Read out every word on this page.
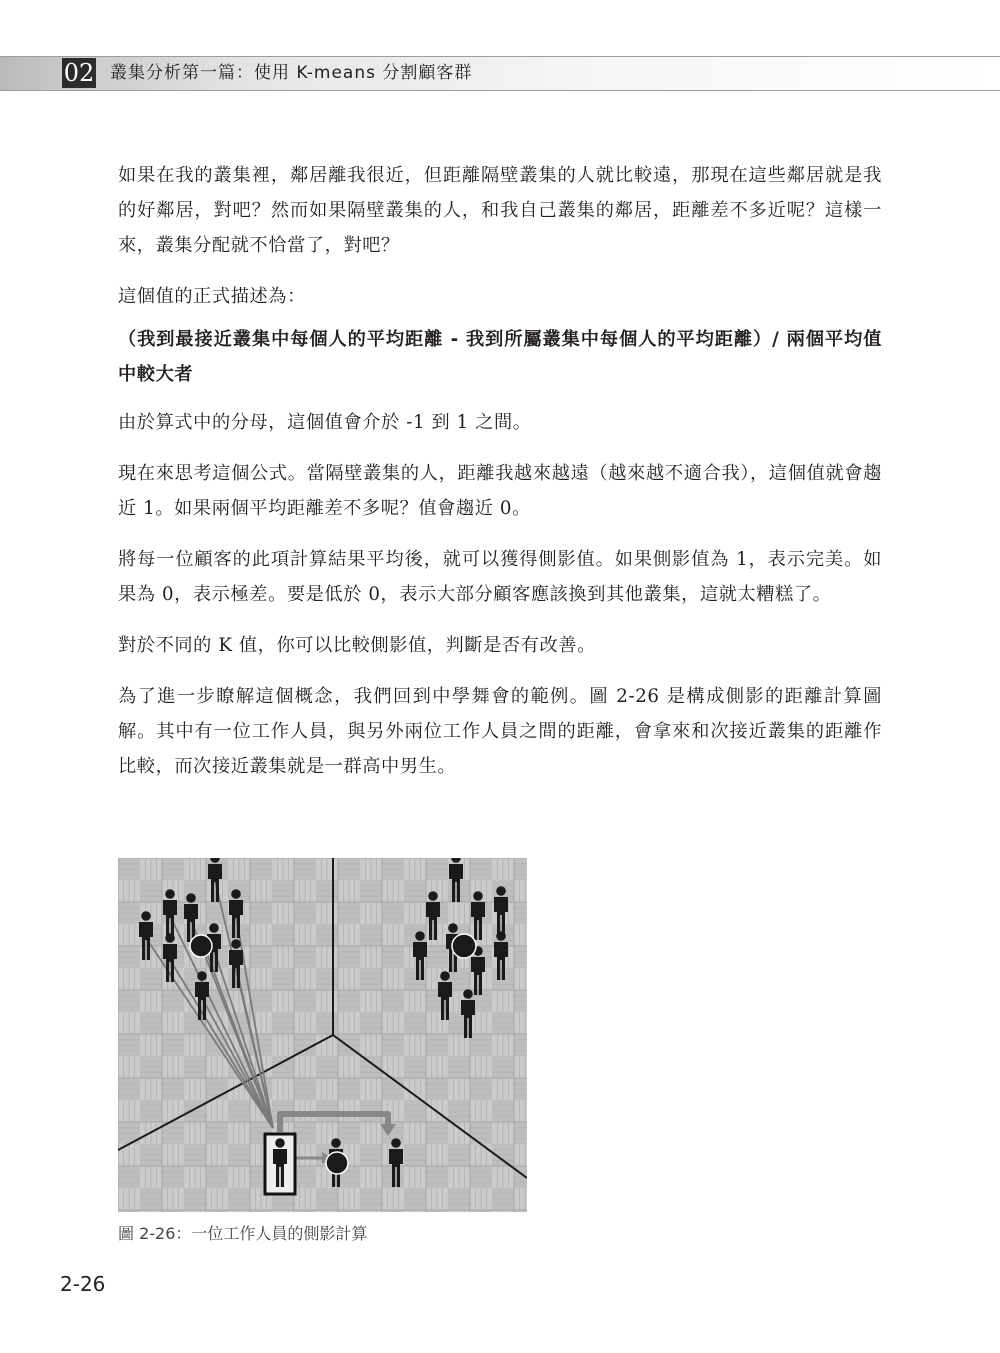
02 叢集分析第一篇：使用 K-means 分割顧客群

如果在我的叢集裡，鄰居離我很近，但距離隔壁叢集的人就比較遠，那現在這些鄰居就是我的好鄰居，對吧？然而如果隔壁叢集的人，和我自己叢集的鄰居，距離差不多近呢？這樣一來，叢集分配就不恰當了，對吧？

這個值的正式描述為：

（我到最接近叢集中每個人的平均距離 - 我到所屬叢集中每個人的平均距離）/ 兩個平均值中較大者

由於算式中的分母，這個值會介於 -1 到 1 之間。

現在來思考這個公式。當隔壁叢集的人，距離我越來越遠（越來越不適合我），這個值就會趨近 1。如果兩個平均距離差不多呢？值會趨近 0。

將每一位顧客的此項計算結果平均後，就可以獲得側影值。如果側影值為 1，表示完美。如果為 0，表示極差。要是低於 0，表示大部分顧客應該換到其他叢集，這就太糟糕了。

對於不同的 K 值，你可以比較側影值，判斷是否有改善。

為了進一步瞭解這個概念，我們回到中學舞會的範例。圖 2-26 是構成側影的距離計算圖解。其中有一位工作人員，與另外兩位工作人員之間的距離，會拿來和次接近叢集的距離作比較，而次接近叢集就是一群高中男生。

圖 2-26：一位工作人員的側影計算
2-26
